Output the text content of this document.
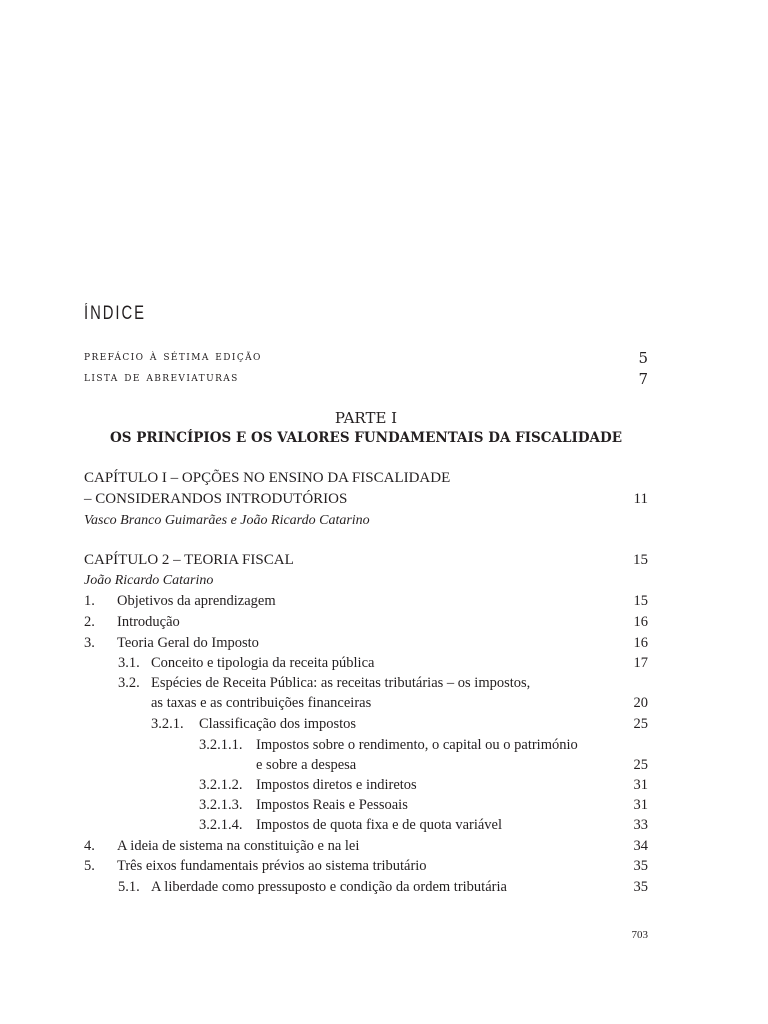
ÍNDICE
prefácio à sétima edição	5
lista de abreviaturas	7
PARTE I
OS PRINCÍPIOS E OS VALORES FUNDAMENTAIS DA FISCALIDADE
CAPÍTULO I – OPÇÕES NO ENSINO DA FISCALIDADE
– CONSIDERANDOS INTRODUTÓRIOS	11
Vasco Branco Guimarães e João Ricardo Catarino
CAPÍTULO 2 – TEORIA FISCAL	15
João Ricardo Catarino
1. Objetivos da aprendizagem	15
2. Introdução	16
3. Teoria Geral do Imposto	16
3.1. Conceito e tipologia da receita pública	17
3.2. Espécies de Receita Pública: as receitas tributárias – os impostos,
as taxas e as contribuições financeiras	20
3.2.1. Classificação dos impostos	25
3.2.1.1. Impostos sobre o rendimento, o capital ou o património
e sobre a despesa	25
3.2.1.2. Impostos diretos e indiretos	31
3.2.1.3. Impostos Reais e Pessoais	31
3.2.1.4. Impostos de quota fixa e de quota variável	33
4. A ideia de sistema na constituição e na lei	34
5. Três eixos fundamentais prévios ao sistema tributário	35
5.1. A liberdade como pressuposto e condição da ordem tributária	35
703
